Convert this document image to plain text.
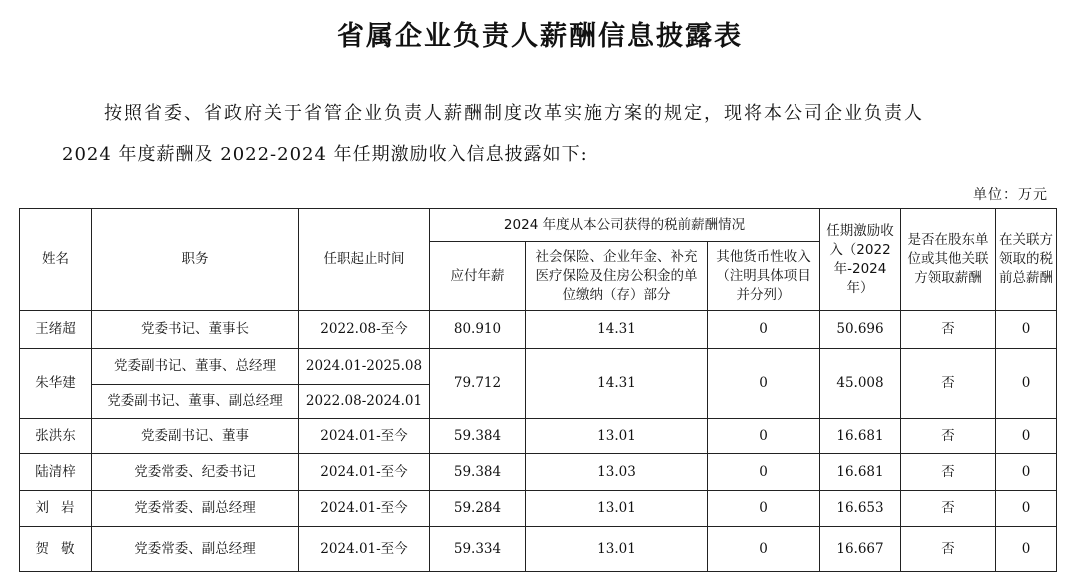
省属企业负责人薪酬信息披露表
按照省委、省政府关于省管企业负责人薪酬制度改革实施方案的规定，现将本公司企业负责人
2024 年度薪酬及 2022-2024 年任期激励收入信息披露如下:
单位：万元
姓名	职务	任职起止时间	2024 年度从本公司获得的税前薪酬情况			任期激励收入（2022 年-2024 年）	是否在股东单位或其他关联方领取薪酬	在关联方领取的税前总薪酬
			应付年薪	社会保险、企业年金、补充医疗保险及住房公积金的单位缴纳（存）部分	其他货币性收入（注明具体项目并分列）			
王绪超	党委书记、董事长	2022.08-至今	80.910	14.31	0	50.696	否	0
朱华建	党委副书记、董事、总经理	2024.01-2025.08	79.712	14.31	0	45.008	否	0
	党委副书记、董事、副总经理	2022.08-2024.01						
张洪东	党委副书记、董事	2024.01-至今	59.384	13.01	0	16.681	否	0
陆清梓	党委常委、纪委书记	2024.01-至今	59.384	13.03	0	16.681	否	0
刘岩	党委常委、副总经理	2024.01-至今	59.284	13.01	0	16.653	否	0
贺敬	党委常委、副总经理	2024.01-至今	59.334	13.01	0	16.667	否	0
